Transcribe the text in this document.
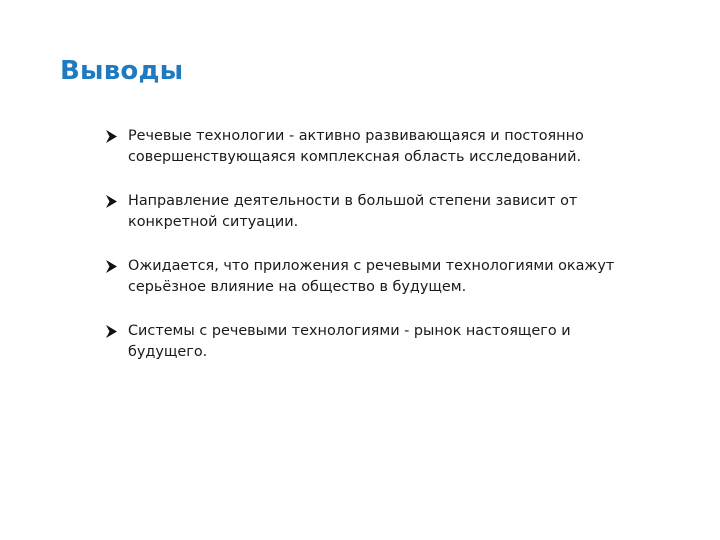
Выводы
Речевые технологии - активно развивающаяся и постоянно совершенствующаяся комплексная область исследований.
Направление деятельности в большой степени зависит от конкретной ситуации.
Ожидается, что приложения с речевыми технологиями окажут серьёзное влияние на общество в будущем.
Системы с речевыми технологиями - рынок настоящего и будущего.
